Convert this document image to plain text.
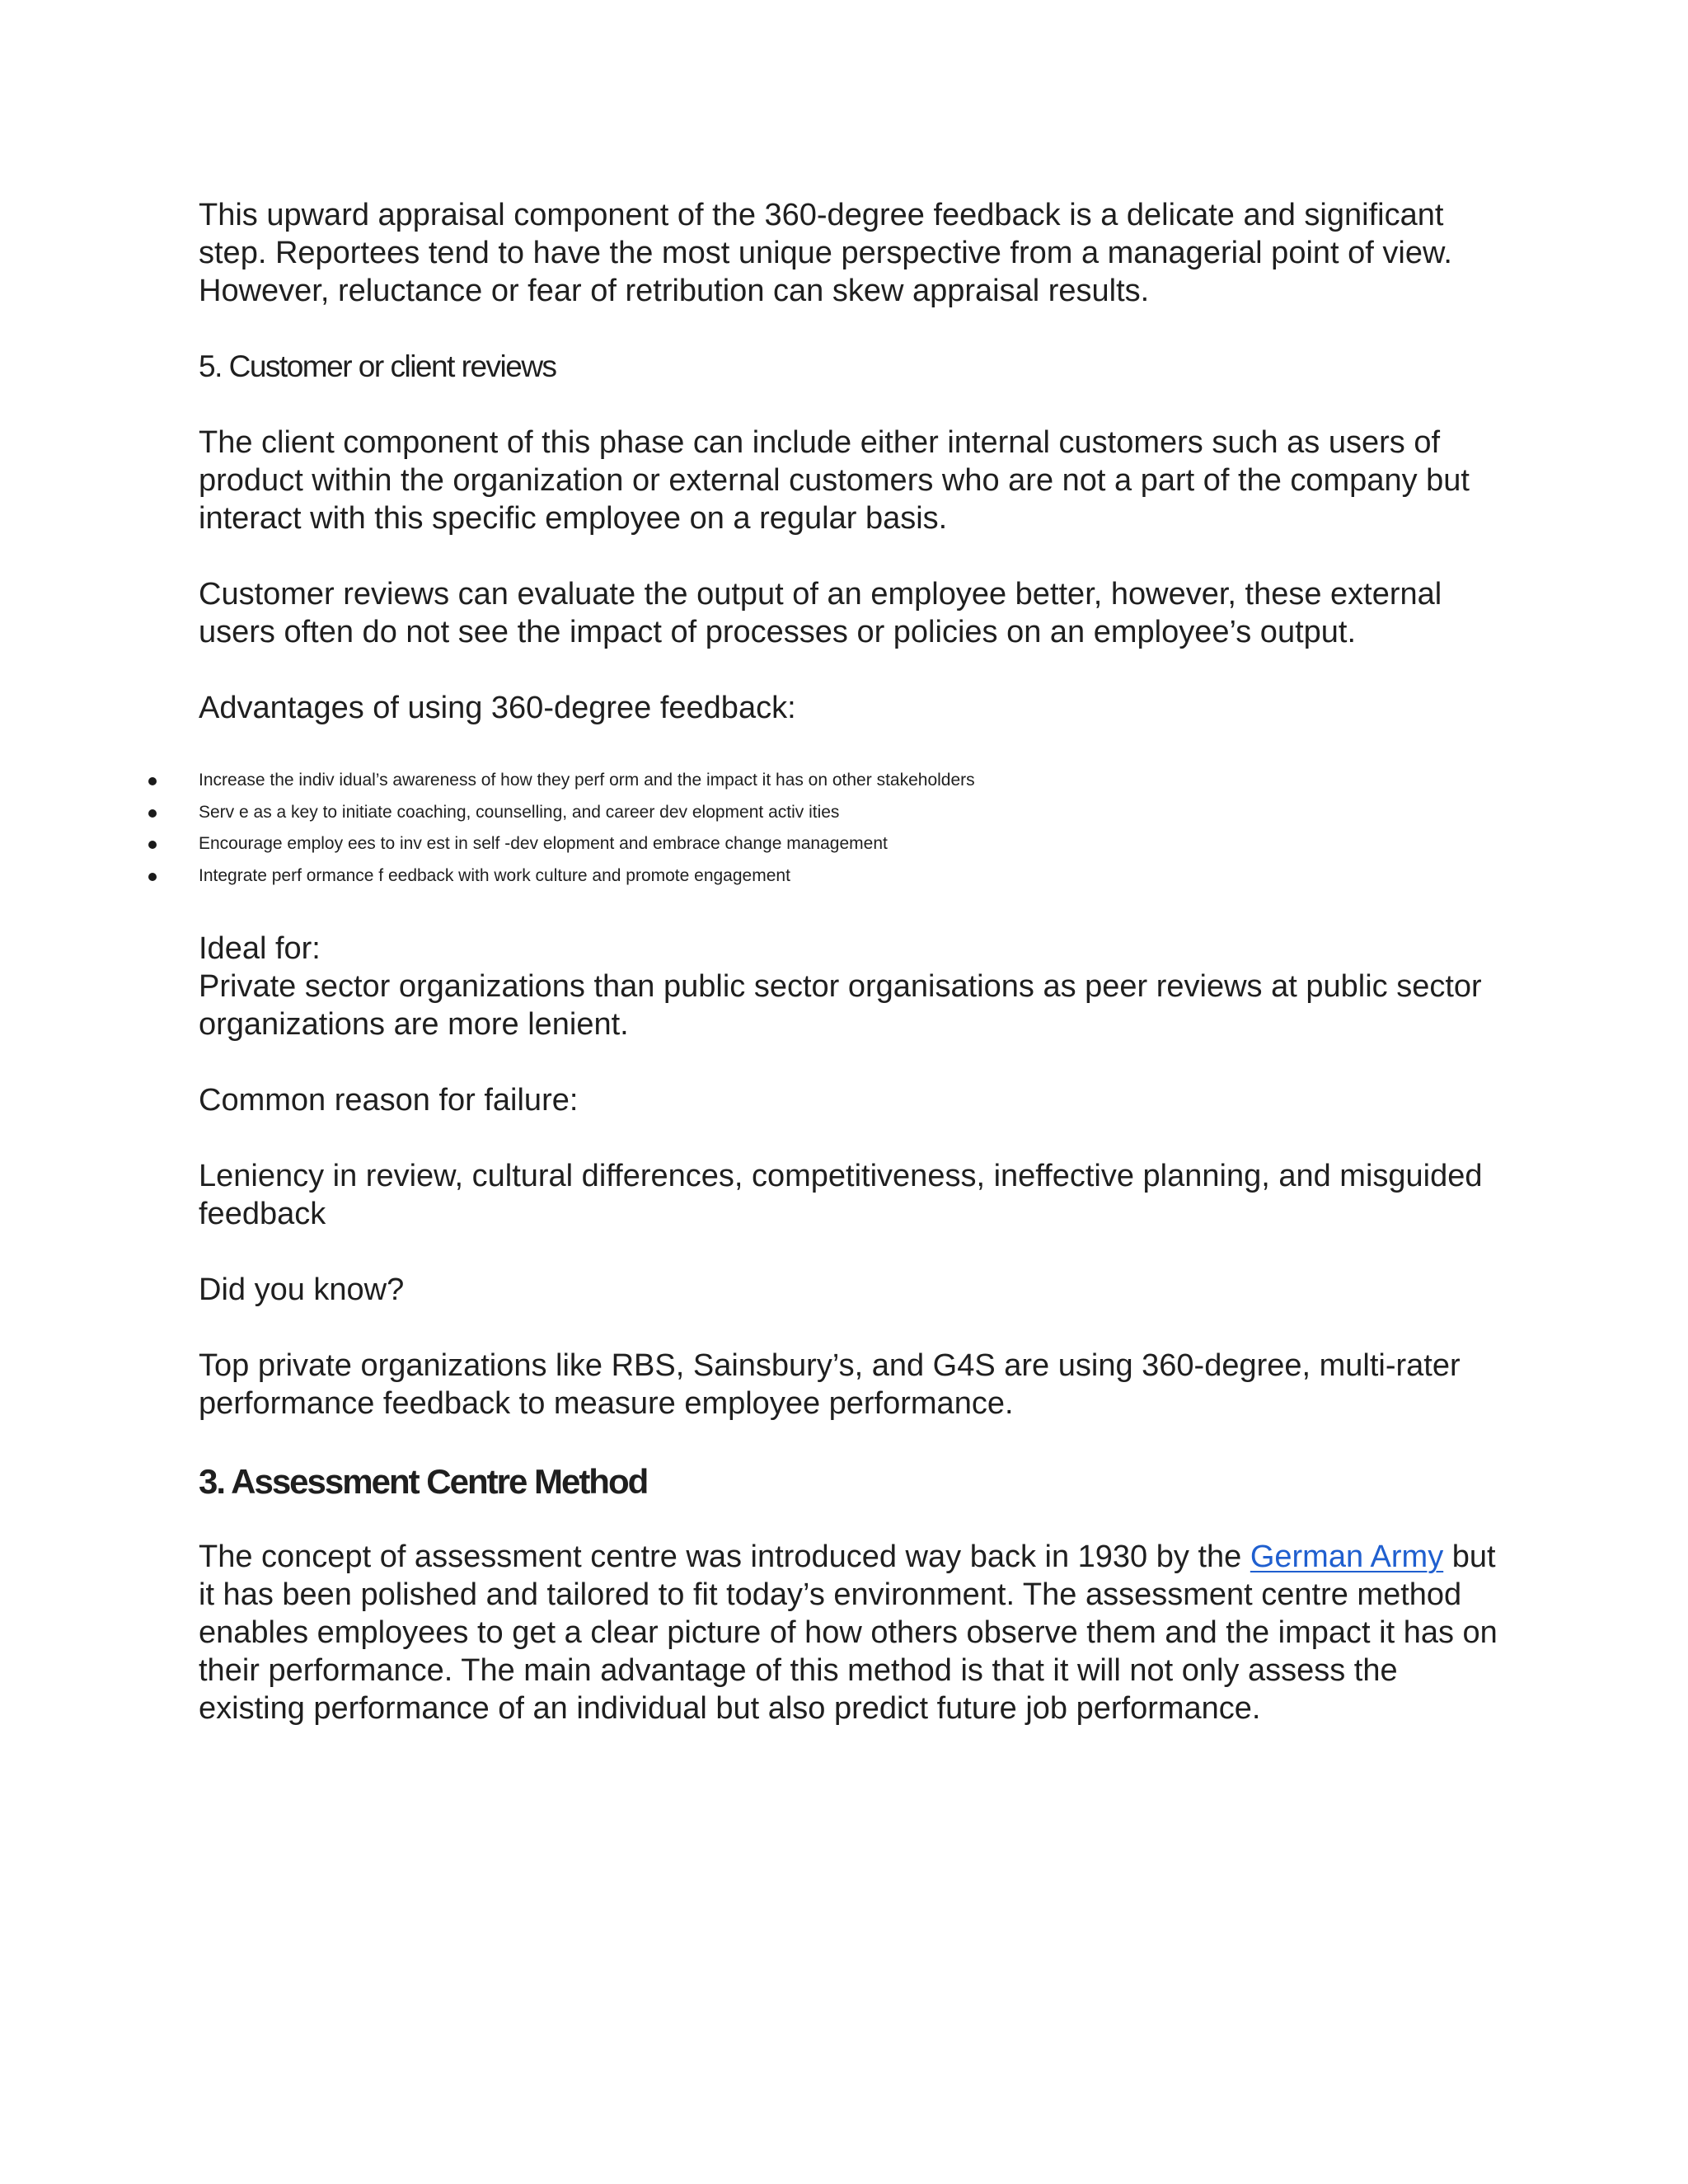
This upward appraisal component of the 360-degree feedback is a delicate and significant step. Reportees tend to have the most unique perspective from a managerial point of view. However, reluctance or fear of retribution can skew appraisal results.

5. Customer or client reviews

The client component of this phase can include either internal customers such as users of product within the organization or external customers who are not a part of the company but interact with this specific employee on a regular basis.

Customer reviews can evaluate the output of an employee better, however, these external users often do not see the impact of processes or policies on an employee’s output.

Advantages of using 360-degree feedback:

Increase the indiv idual’s awareness of how they perf orm and the impact it has on other stakeholders
Serv e as a key to initiate coaching, counselling, and career dev elopment activ ities
Encourage employ ees to inv est in self -dev elopment and embrace change management
Integrate perf ormance f eedback with work culture and promote engagement

Ideal for:

Private sector organizations than public sector organisations as peer reviews at public sector organizations are more lenient.

Common reason for failure:

Leniency in review, cultural differences, competitiveness, ineffective planning, and misguided feedback

Did you know?

Top private organizations like RBS, Sainsbury’s, and G4S are using 360-degree, multi-rater performance feedback to measure employee performance.

3. Assessment Centre Method

The concept of assessment centre was introduced way back in 1930 by the German Army but it has been polished and tailored to fit today’s environment. The assessment centre method enables employees to get a clear picture of how others observe them and the impact it has on their performance. The main advantage of this method is that it will not only assess the existing performance of an individual but also predict future job performance.
